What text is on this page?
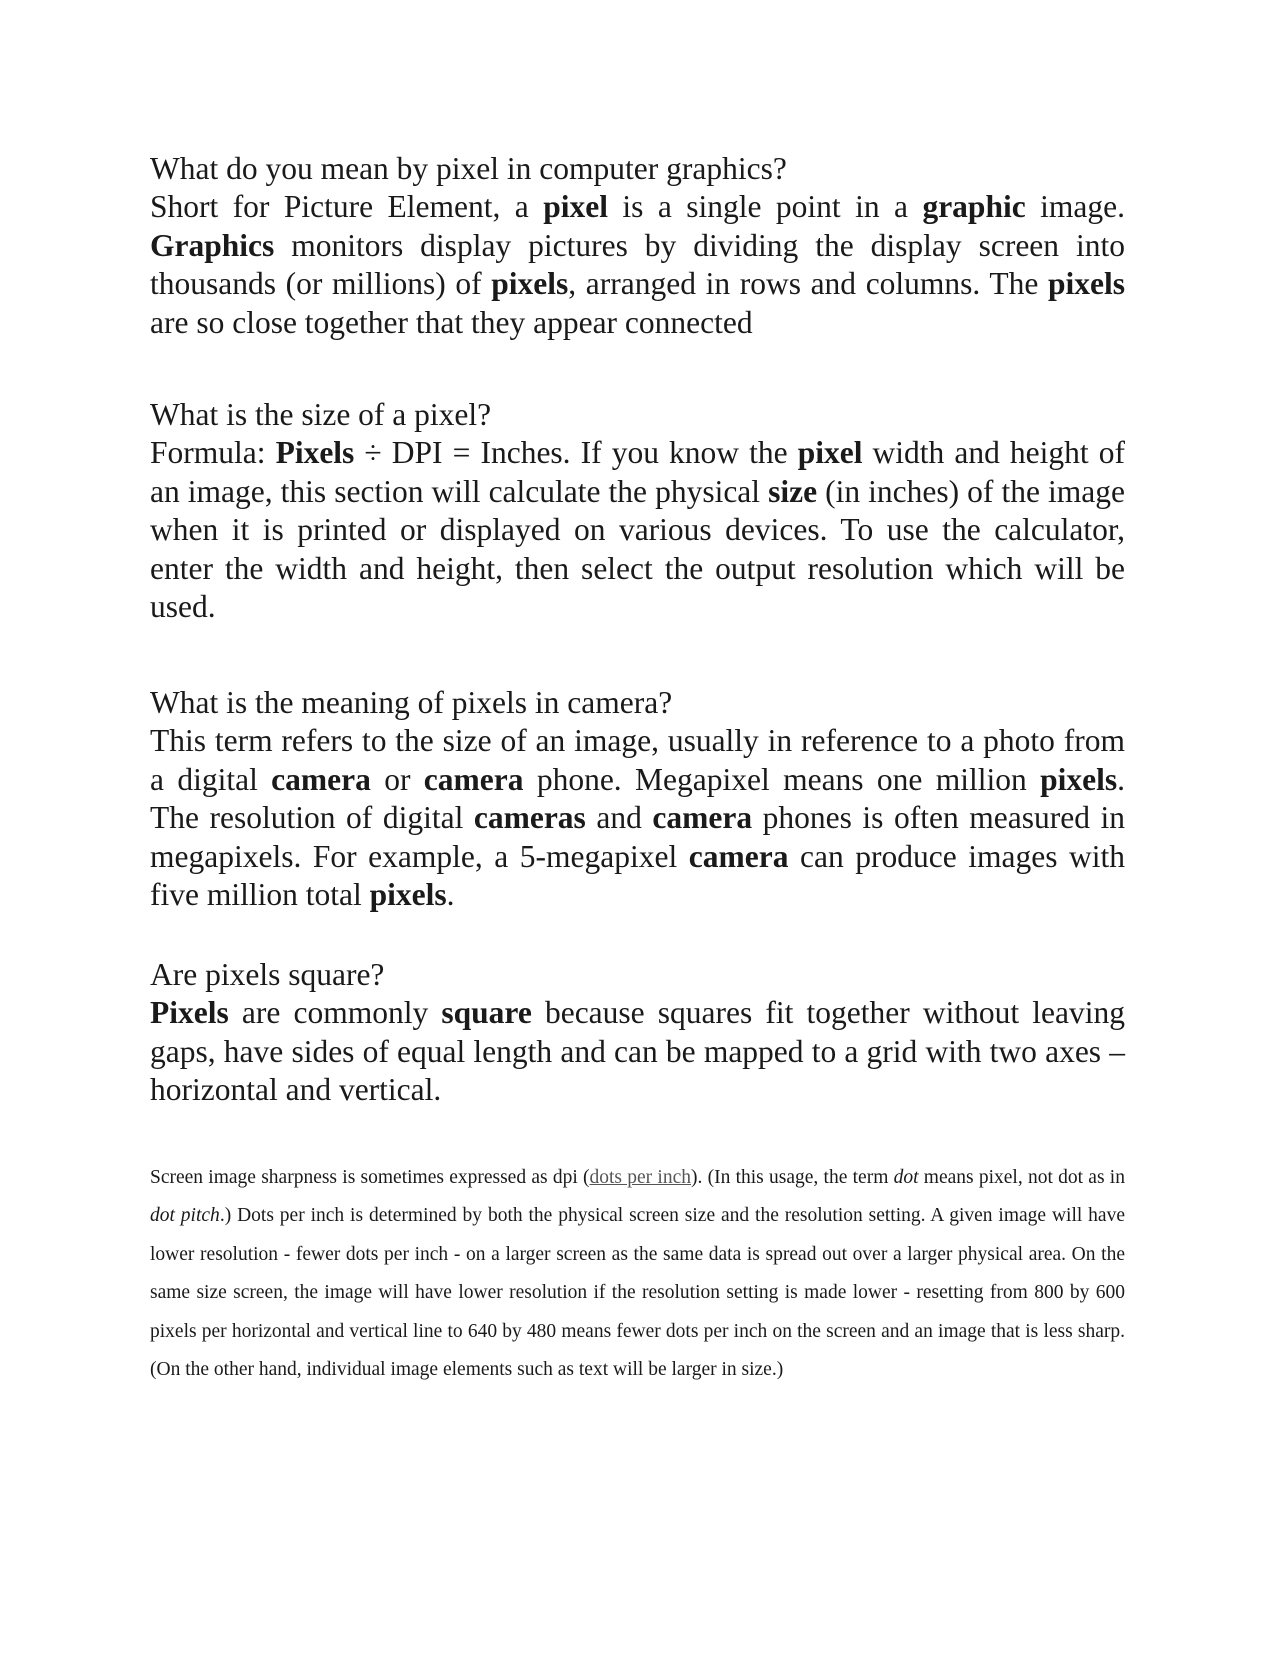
What do you mean by pixel in computer graphics?

Short for Picture Element, a pixel is a single point in a graphic image. Graphics monitors display pictures by dividing the display screen into thousands (or millions) of pixels, arranged in rows and columns. The pixels are so close together that they appear connected

What is the size of a pixel?

Formula: Pixels ÷ DPI = Inches. If you know the pixel width and height of an image, this section will calculate the physical size (in inches) of the image when it is printed or displayed on various devices. To use the calculator, enter the width and height, then select the output resolution which will be used.

What is the meaning of pixels in camera?

This term refers to the size of an image, usually in reference to a photo from a digital camera or camera phone. Megapixel means one million pixels. The resolution of digital cameras and camera phones is often measured in megapixels. For example, a 5-megapixel camera can produce images with five million total pixels.

Are pixels square?

Pixels are commonly square because squares fit together without leaving gaps, have sides of equal length and can be mapped to a grid with two axes – horizontal and vertical.

Screen image sharpness is sometimes expressed as dpi (dots per inch). (In this usage, the term dot means pixel, not dot as in dot pitch.) Dots per inch is determined by both the physical screen size and the resolution setting. A given image will have lower resolution - fewer dots per inch - on a larger screen as the same data is spread out over a larger physical area. On the same size screen, the image will have lower resolution if the resolution setting is made lower - resetting from 800 by 600 pixels per horizontal and vertical line to 640 by 480 means fewer dots per inch on the screen and an image that is less sharp. (On the other hand, individual image elements such as text will be larger in size.)
